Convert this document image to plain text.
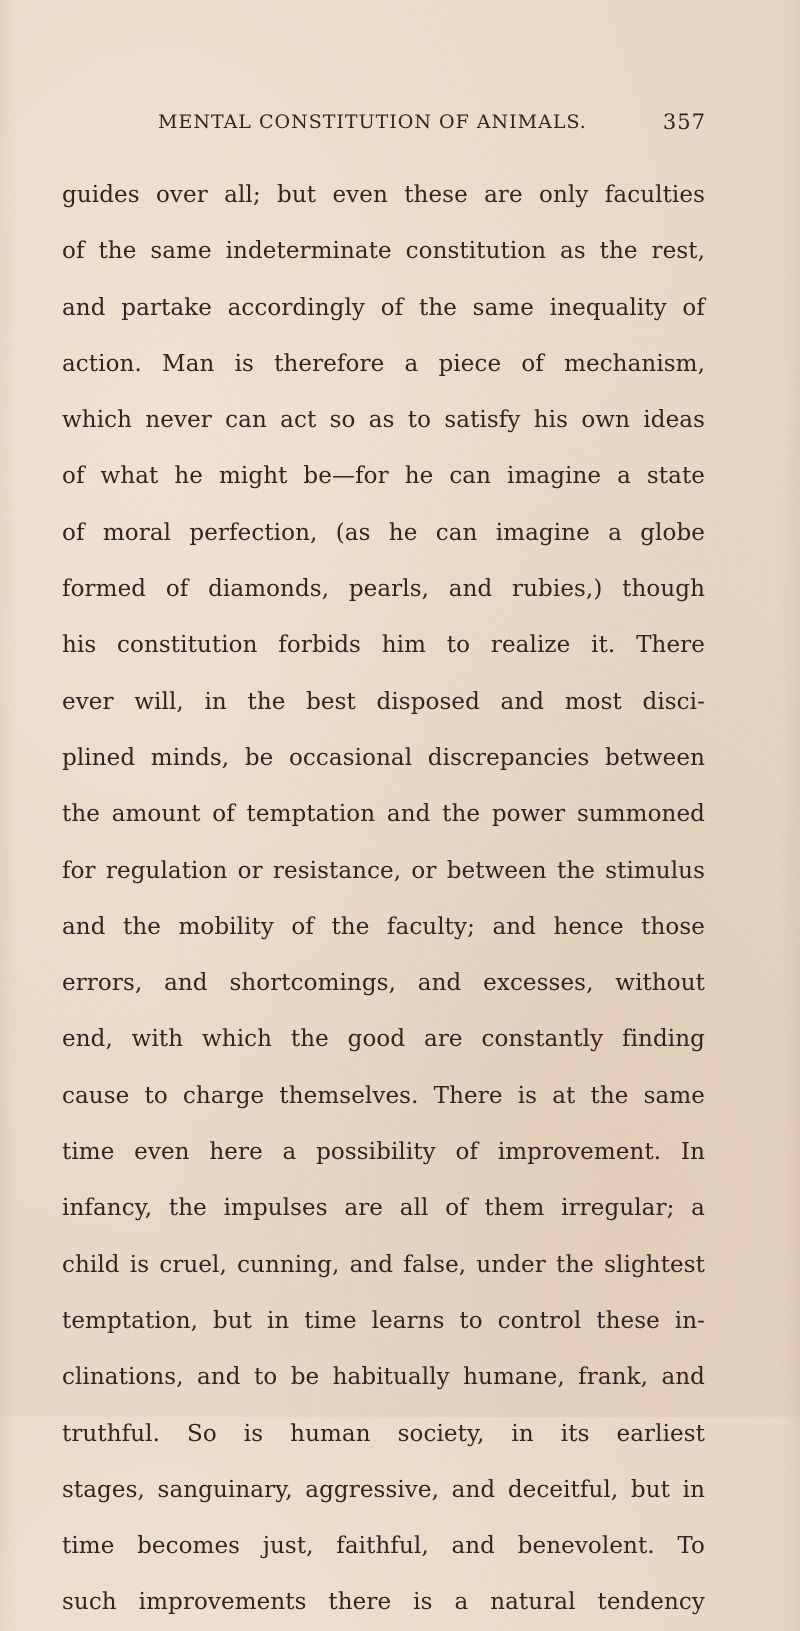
MENTAL CONSTITUTION OF ANIMALS.	357
guides over all; but even these are only faculties
of the same indeterminate constitution as the rest,
and partake accordingly of the same inequality of
action. Man is therefore a piece of mechanism,
which never can act so as to satisfy his own ideas
of what he might be—for he can imagine a state
of moral perfection, (as he can imagine a globe
formed of diamonds, pearls, and rubies,) though
his constitution forbids him to realize it. There
ever will, in the best disposed and most disci-
plined minds, be occasional discrepancies between
the amount of temptation and the power summoned
for regulation or resistance, or between the stimulus
and the mobility of the faculty; and hence those
errors, and shortcomings, and excesses, without
end, with which the good are constantly finding
cause to charge themselves. There is at the same
time even here a possibility of improvement. In
infancy, the impulses are all of them irregular; a
child is cruel, cunning, and false, under the slightest
temptation, but in time learns to control these in-
clinations, and to be habitually humane, frank, and
truthful. So is human society, in its earliest
stages, sanguinary, aggressive, and deceitful, but in
time becomes just, faithful, and benevolent. To
such improvements there is a natural tendency
